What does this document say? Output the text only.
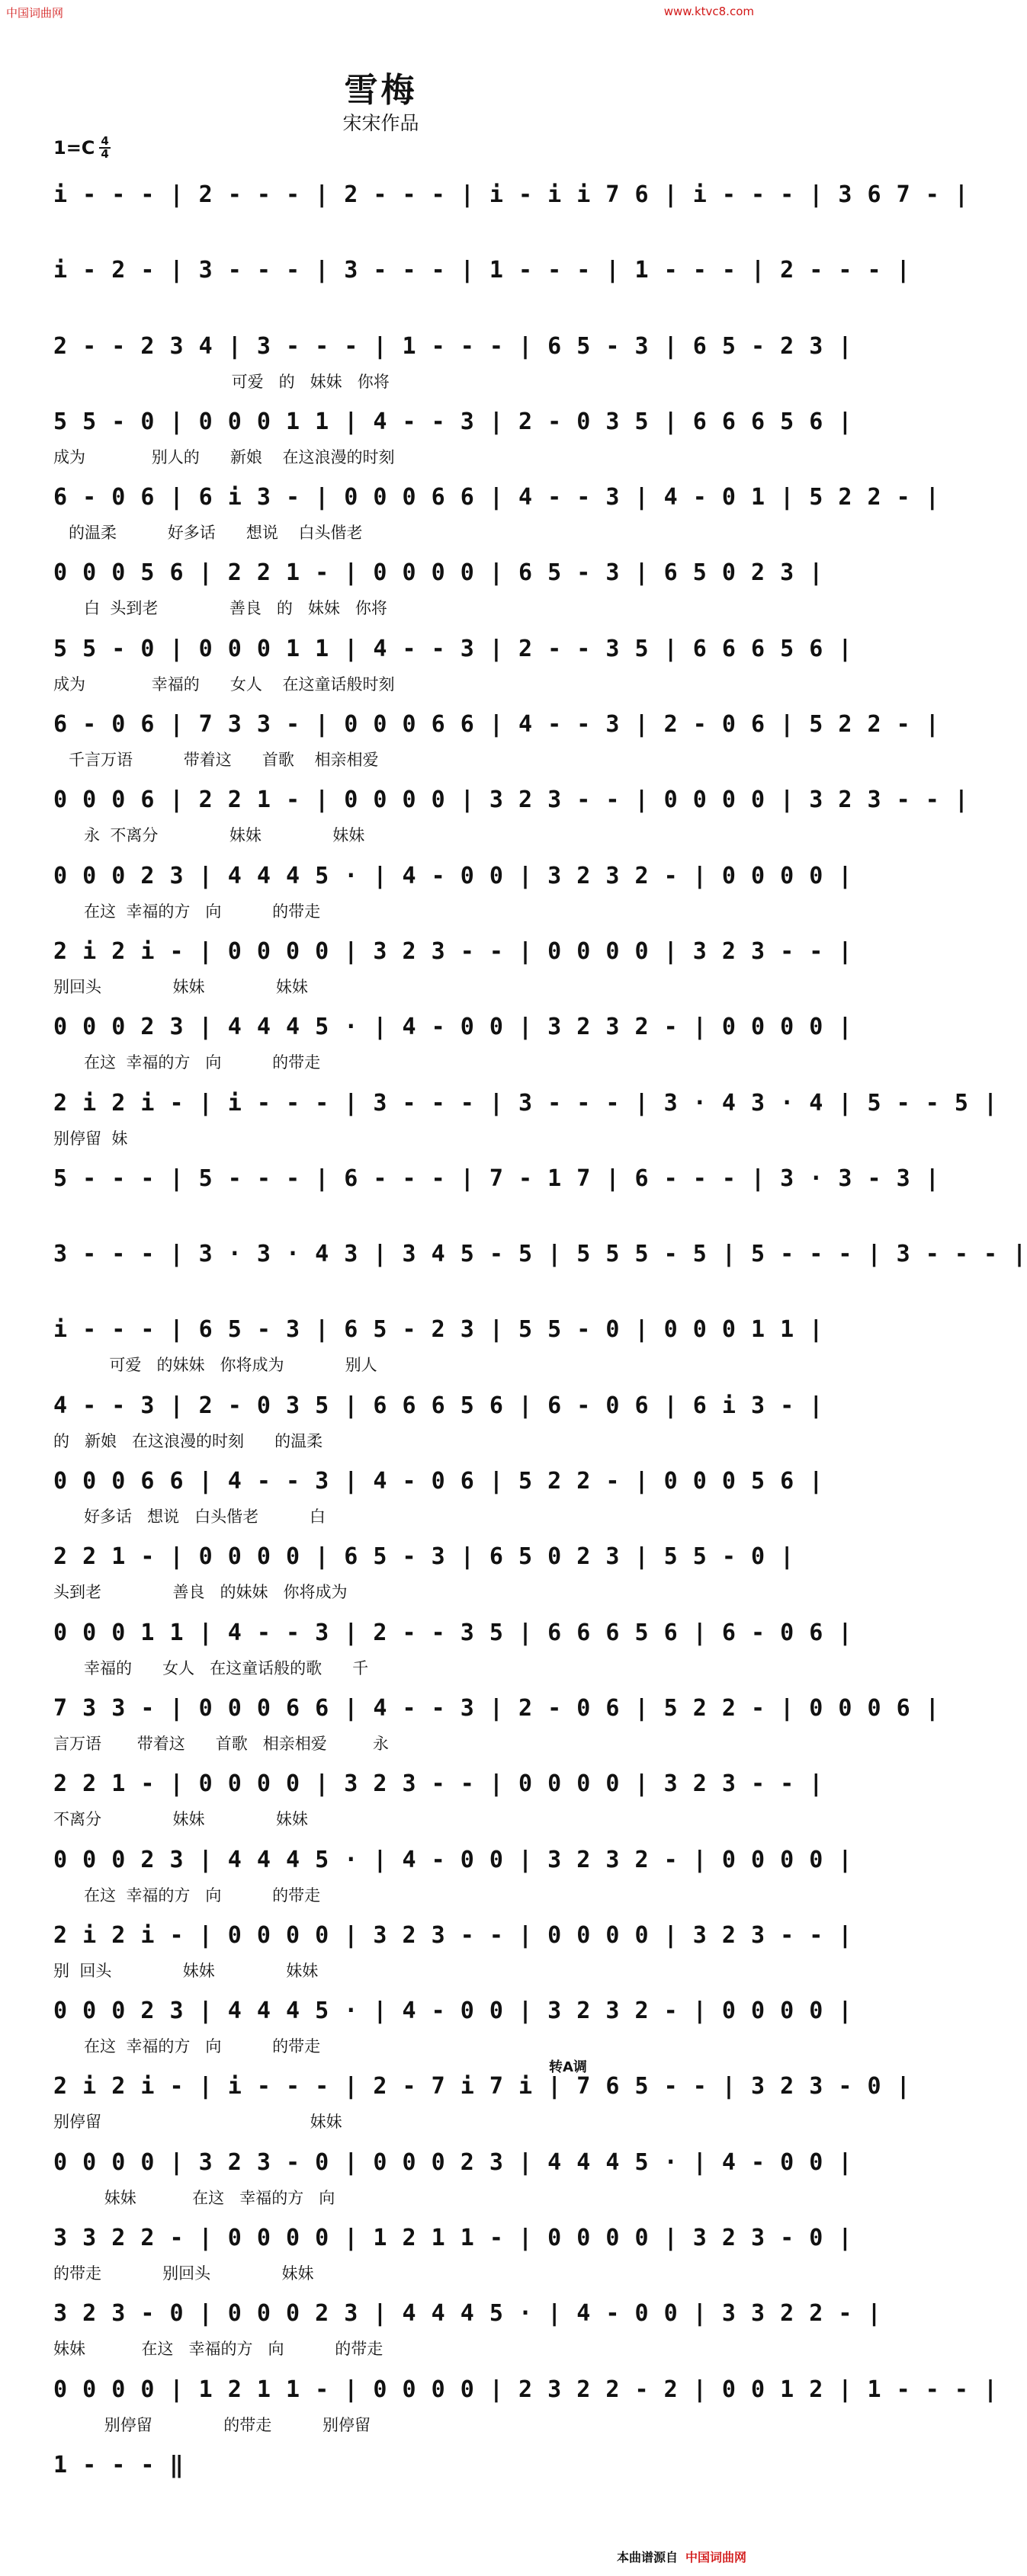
中国词曲网	www.ktvc8.com
雪梅
宋宋作品
1=C 4
4
i - - - | 2 - - - | 2 - - - | i - i i 7 6 | i - - - | 3 6 7 - |
i - 2 - | 3 - - - | 3 - - - | 1 - - - | 1 - - - | 2 - - - |
2 - - 2 3 4 | 3 - - - | 1 - - - | 6 5 - 3 | 6 5 - 2 3 |
可爱   的   妹妹   你将
5 5 - 0 | 0 0 0 1 1 | 4 - - 3 | 2 - 0 3 5 | 6 6 6 5 6 |
成为             别人的      新娘    在这浪漫的时刻
6 - 0 6 | 6 i 3 - | 0 0 0 6 6 | 4 - - 3 | 4 - 0 1 | 5 2 2 - |
的温柔          好多话      想说    白头偕老
0 0 0 5 6 | 2 2 1 - | 0 0 0 0 | 6 5 - 3 | 6 5 0 2 3 |
白  头到老              善良   的   妹妹   你将
5 5 - 0 | 0 0 0 1 1 | 4 - - 3 | 2 - - 3 5 | 6 6 6 5 6 |
成为             幸福的      女人    在这童话般时刻
6 - 0 6 | 7 3 3 - | 0 0 0 6 6 | 4 - - 3 | 2 - 0 6 | 5 2 2 - |
千言万语          带着这      首歌    相亲相爱
0 0 0 6 | 2 2 1 - | 0 0 0 0 | 3 2 3 - - | 0 0 0 0 | 3 2 3 - - |
永  不离分              妹妹              妹妹
0 0 0 2 3 | 4 4 4 5 · | 4 - 0 0 | 3 2 3 2 - | 0 0 0 0 |
在这  幸福的方   向          的带走
2 i 2 i - | 0 0 0 0 | 3 2 3 - - | 0 0 0 0 | 3 2 3 - - |
别回头              妹妹              妹妹
0 0 0 2 3 | 4 4 4 5 · | 4 - 0 0 | 3 2 3 2 - | 0 0 0 0 |
在这  幸福的方   向          的带走
2 i 2 i - | i - - - | 3 - - - | 3 - - - | 3 · 4 3 · 4 | 5 - - 5 |
别停留  妹
5 - - - | 5 - - - | 6 - - - | 7 - 1 7 | 6 - - - | 3 · 3 - 3 |
3 - - - | 3 · 3 · 4 3 | 3 4 5 - 5 | 5 5 5 - 5 | 5 - - - | 3 - - - |
i - - - | 6 5 - 3 | 6 5 - 2 3 | 5 5 - 0 | 0 0 0 1 1 |
可爱   的妹妹   你将成为            别人
4 - - 3 | 2 - 0 3 5 | 6 6 6 5 6 | 6 - 0 6 | 6 i 3 - |
的   新娘   在这浪漫的时刻      的温柔
0 0 0 6 6 | 4 - - 3 | 4 - 0 6 | 5 2 2 - | 0 0 0 5 6 |
好多话   想说   白头偕老          白
2 2 1 - | 0 0 0 0 | 6 5 - 3 | 6 5 0 2 3 | 5 5 - 0 |
头到老              善良   的妹妹   你将成为
0 0 0 1 1 | 4 - - 3 | 2 - - 3 5 | 6 6 6 5 6 | 6 - 0 6 |
幸福的      女人   在这童话般的歌      千
7 3 3 - | 0 0 0 6 6 | 4 - - 3 | 2 - 0 6 | 5 2 2 - | 0 0 0 6 |
言万语       带着这      首歌   相亲相爱         永
2 2 1 - | 0 0 0 0 | 3 2 3 - - | 0 0 0 0 | 3 2 3 - - |
不离分              妹妹              妹妹
0 0 0 2 3 | 4 4 4 5 · | 4 - 0 0 | 3 2 3 2 - | 0 0 0 0 |
在这  幸福的方   向          的带走
2 i 2 i - | 0 0 0 0 | 3 2 3 - - | 0 0 0 0 | 3 2 3 - - |
别  回头              妹妹              妹妹
0 0 0 2 3 | 4 4 4 5 · | 4 - 0 0 | 3 2 3 2 - | 0 0 0 0 |
在这  幸福的方   向          的带走
2 i 2 i - | i - - - | 2 - 7 i 7 i | 7 6 5 - - | 3 2 3 - 0 |
别停留                                         妹妹
转A调
0 0 0 0 | 3 2 3 - 0 | 0 0 0 2 3 | 4 4 4 5 · | 4 - 0 0 |
妹妹           在这   幸福的方   向
3 3 2 2 - | 0 0 0 0 | 1 2 1 1 - | 0 0 0 0 | 3 2 3 - 0 |
的带走            别回头              妹妹
3 2 3 - 0 | 0 0 0 2 3 | 4 4 4 5 · | 4 - 0 0 | 3 3 2 2 - |
妹妹           在这   幸福的方   向          的带走
0 0 0 0 | 1 2 1 1 - | 0 0 0 0 | 2 3 2 2 - 2 | 0 0 1 2 | 1 - - - |
别停留              的带走          别停留
1 - - - ‖
本曲谱源自 中国词曲网
